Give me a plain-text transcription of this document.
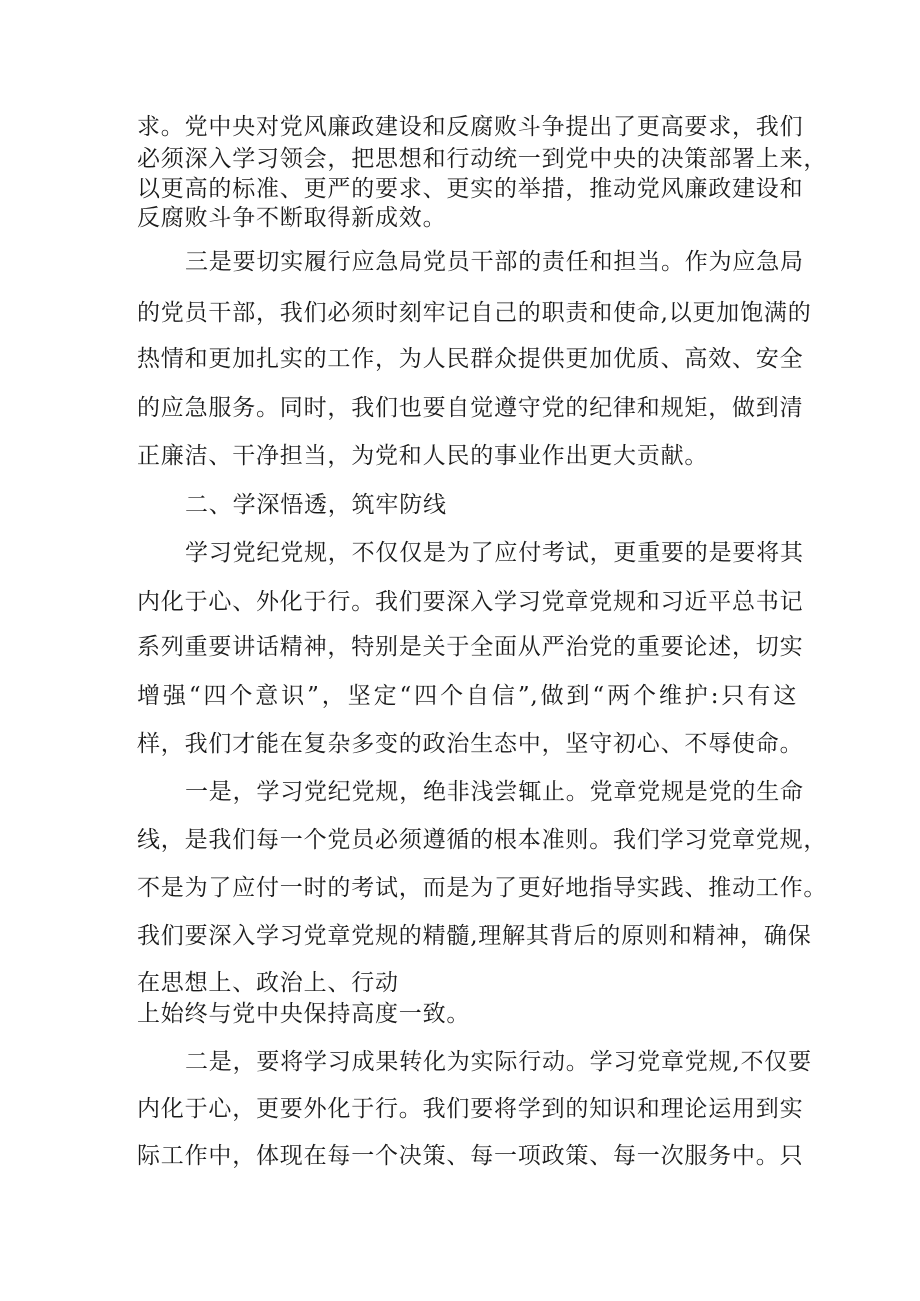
求。党中央对党风廉政建设和反腐败斗争提出了更高要求，我们
必须深入学习领会，把思想和行动统一到党中央的决策部署上来，
以更高的标准、更严的要求、更实的举措，推动党风廉政建设和
反腐败斗争不断取得新成效。
三是要切实履行应急局党员干部的责任和担当。作为应急局
的党员干部，我们必须时刻牢记自己的职责和使命,以更加饱满的
热情和更加扎实的工作，为人民群众提供更加优质、高效、安全
的应急服务。同时，我们也要自觉遵守党的纪律和规矩，做到清
正廉洁、干净担当，为党和人民的事业作出更大贡献。
二、学深悟透，筑牢防线
学习党纪党规，不仅仅是为了应付考试，更重要的是要将其
内化于心、外化于行。我们要深入学习党章党规和习近平总书记
系列重要讲话精神，特别是关于全面从严治党的重要论述，切实
增强“四个意识”，坚定“四个自信”,做到“两个维护:只有这
样，我们才能在复杂多变的政治生态中，坚守初心、不辱使命。
一是，学习党纪党规，绝非浅尝辄止。党章党规是党的生命
线，是我们每一个党员必须遵循的根本准则。我们学习党章党规，
不是为了应付一时的考试，而是为了更好地指导实践、推动工作。
我们要深入学习党章党规的精髓,理解其背后的原则和精神，确保
在思想上、政治上、行动
上始终与党中央保持高度一致。
二是，要将学习成果转化为实际行动。学习党章党规,不仅要
内化于心，更要外化于行。我们要将学到的知识和理论运用到实
际工作中，体现在每一个决策、每一项政策、每一次服务中。只
